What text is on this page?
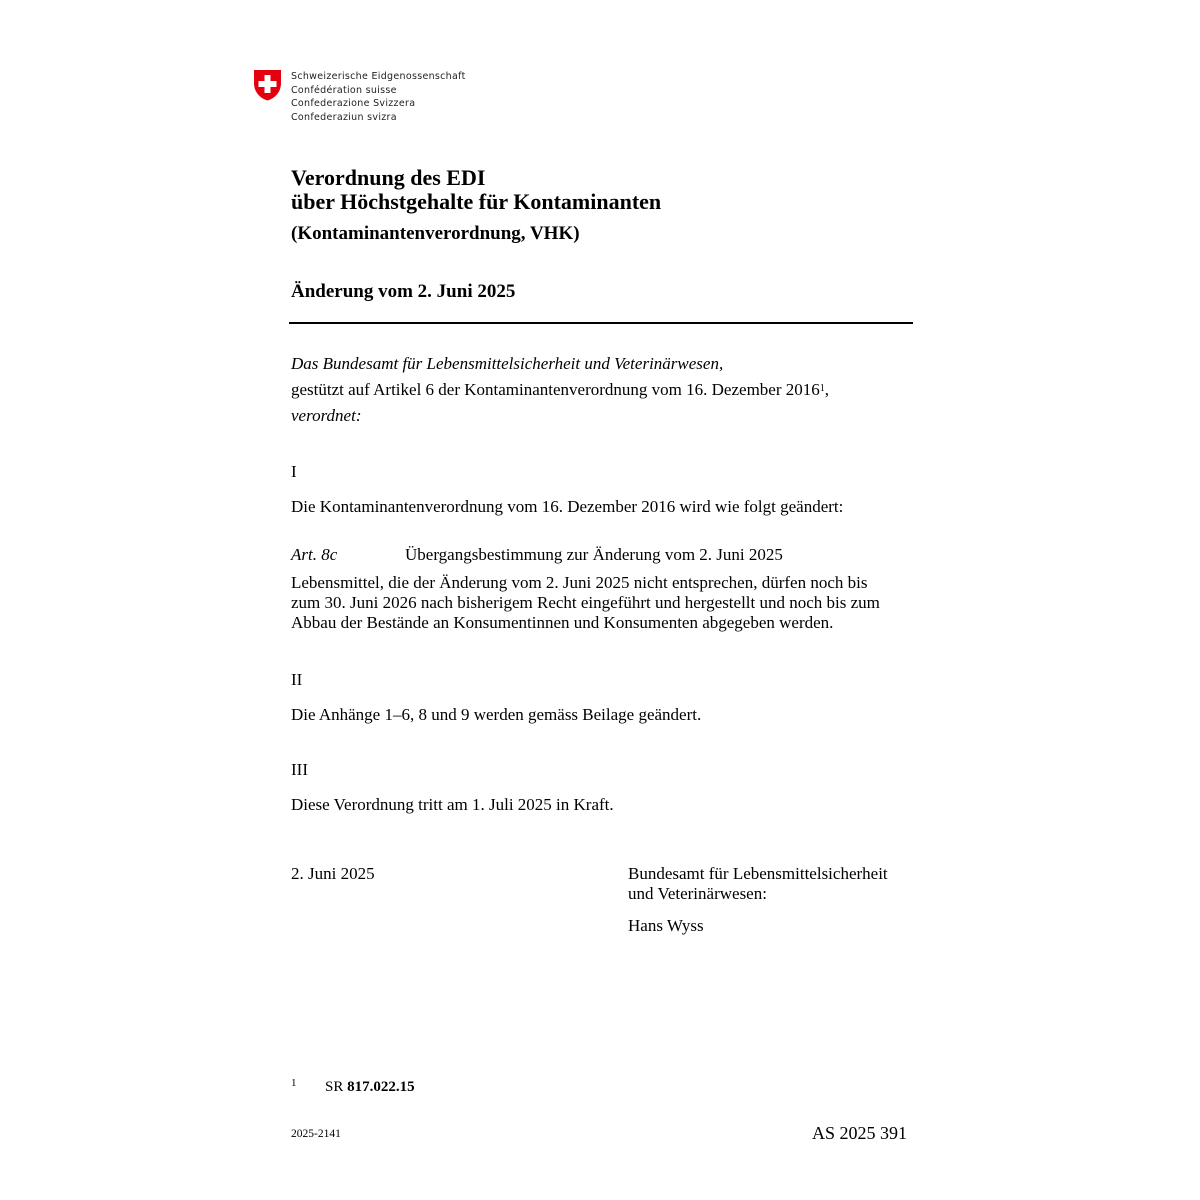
Schweizerische Eidgenossenschaft
Confédération suisse
Confederazione Svizzera
Confederaziun svizra
Verordnung des EDI
über Höchstgehalte für Kontaminanten
(Kontaminantenverordnung, VHK)
Änderung vom 2. Juni 2025
Das Bundesamt für Lebensmittelsicherheit und Veterinärwesen,
gestützt auf Artikel 6 der Kontaminantenverordnung vom 16. Dezember 2016$^1$,
verordnet:
I
Die Kontaminantenverordnung vom 16. Dezember 2016 wird wie folgt geändert:
Art. 8c	Übergangsbestimmung zur Änderung vom 2. Juni 2025
Lebensmittel, die der Änderung vom 2. Juni 2025 nicht entsprechen, dürfen noch bis
zum 30. Juni 2026 nach bisherigem Recht eingeführt und hergestellt und noch bis zum
Abbau der Bestände an Konsumentinnen und Konsumenten abgegeben werden.
II
Die Anhänge 1–6, 8 und 9 werden gemäss Beilage geändert.
III
Diese Verordnung tritt am 1. Juli 2025 in Kraft.
2. Juni 2025	Bundesamt für Lebensmittelsicherheit
und Veterinärwesen:
Hans Wyss
1 SR 817.022.15
2025-2141	AS 2025 391
